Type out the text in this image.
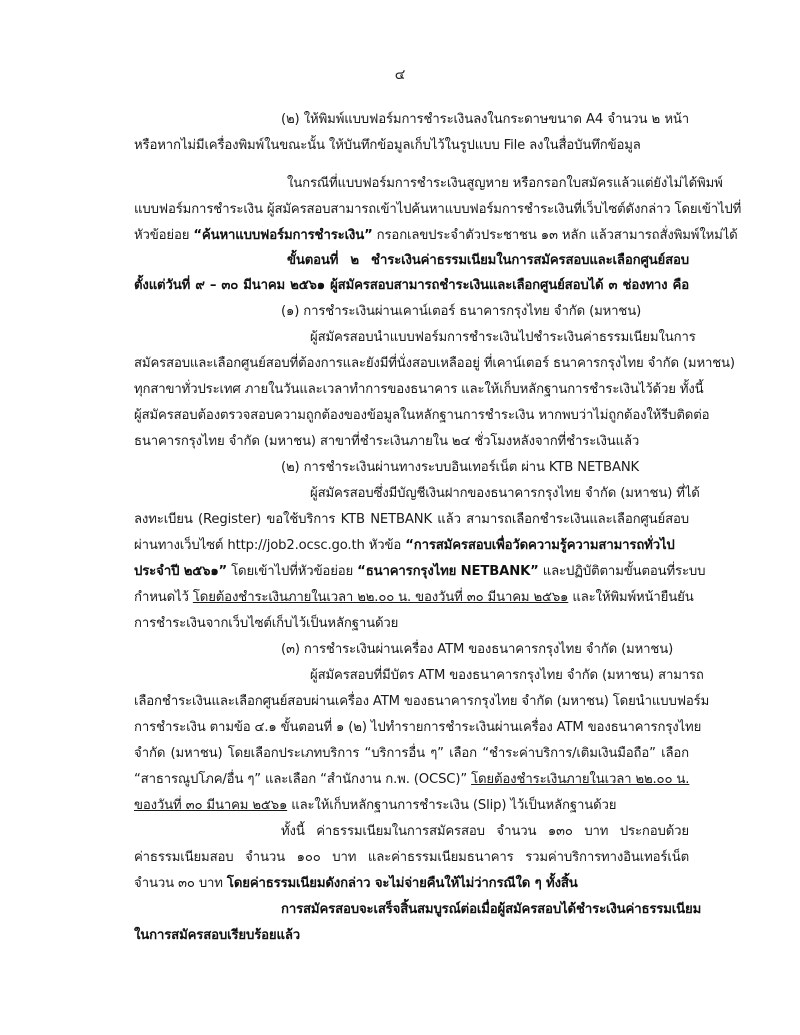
๔
(๒) ให้พิมพ์แบบฟอร์มการชำระเงินลงในกระดาษขนาด A4 จำนวน ๒ หน้า
หรือหากไม่มีเครื่องพิมพ์ในขณะนั้น ให้บันทึกข้อมูลเก็บไว้ในรูปแบบ File ลงในสื่อบันทึกข้อมูล
ในกรณีที่แบบฟอร์มการชำระเงินสูญหาย หรือกรอกใบสมัครแล้วแต่ยังไม่ได้พิมพ์
แบบฟอร์มการชำระเงิน ผู้สมัครสอบสามารถเข้าไปค้นหาแบบฟอร์มการชำระเงินที่เว็บไซต์ดังกล่าว โดยเข้าไปที่
หัวข้อย่อย “ค้นหาแบบฟอร์มการชำระเงิน” กรอกเลขประจำตัวประชาชน ๑๓ หลัก แล้วสามารถสั่งพิมพ์ใหม่ได้
ขั้นตอนที่ ๒ ชำระเงินค่าธรรมเนียมในการสมัครสอบและเลือกศูนย์สอบ
ตั้งแต่วันที่ ๙ – ๓๐ มีนาคม ๒๕๖๑ ผู้สมัครสอบสามารถชำระเงินและเลือกศูนย์สอบได้ ๓ ช่องทาง คือ
(๑) การชำระเงินผ่านเคาน์เตอร์ ธนาคารกรุงไทย จำกัด (มหาชน)
ผู้สมัครสอบนำแบบฟอร์มการชำระเงินไปชำระเงินค่าธรรมเนียมในการ
สมัครสอบและเลือกศูนย์สอบที่ต้องการและยังมีที่นั่งสอบเหลืออยู่ ที่เคาน์เตอร์ ธนาคารกรุงไทย จำกัด (มหาชน)
ทุกสาขาทั่วประเทศ ภายในวันและเวลาทำการของธนาคาร และให้เก็บหลักฐานการชำระเงินไว้ด้วย ทั้งนี้
ผู้สมัครสอบต้องตรวจสอบความถูกต้องของข้อมูลในหลักฐานการชำระเงิน หากพบว่าไม่ถูกต้องให้รีบติดต่อ
ธนาคารกรุงไทย จำกัด (มหาชน) สาขาที่ชำระเงินภายใน ๒๔ ชั่วโมงหลังจากที่ชำระเงินแล้ว
(๒) การชำระเงินผ่านทางระบบอินเทอร์เน็ต ผ่าน KTB NETBANK
ผู้สมัครสอบซึ่งมีบัญชีเงินฝากของธนาคารกรุงไทย จำกัด (มหาชน) ที่ได้
ลงทะเบียน (Register) ขอใช้บริการ KTB NETBANK แล้ว สามารถเลือกชำระเงินและเลือกศูนย์สอบ
ผ่านทางเว็บไซต์ http://job2.ocsc.go.th หัวข้อ “การสมัครสอบเพื่อวัดความรู้ความสามารถทั่วไป
ประจำปี ๒๕๖๑” โดยเข้าไปที่หัวข้อย่อย “ธนาคารกรุงไทย NETBANK” และปฏิบัติตามขั้นตอนที่ระบบ
กำหนดไว้ โดยต้องชำระเงินภายในเวลา ๒๒.๐๐ น. ของวันที่ ๓๐ มีนาคม ๒๕๖๑ และให้พิมพ์หน้ายืนยัน
การชำระเงินจากเว็บไซต์เก็บไว้เป็นหลักฐานด้วย
(๓) การชำระเงินผ่านเครื่อง ATM ของธนาคารกรุงไทย จำกัด (มหาชน)
ผู้สมัครสอบที่มีบัตร ATM ของธนาคารกรุงไทย จำกัด (มหาชน) สามารถ
เลือกชำระเงินและเลือกศูนย์สอบผ่านเครื่อง ATM ของธนาคารกรุงไทย จำกัด (มหาชน) โดยนำแบบฟอร์ม
การชำระเงิน ตามข้อ ๔.๑ ขั้นตอนที่ ๑ (๒) ไปทำรายการชำระเงินผ่านเครื่อง ATM ของธนาคารกรุงไทย
จำกัด (มหาชน) โดยเลือกประเภทบริการ “บริการอื่น ๆ” เลือก “ชำระค่าบริการ/เติมเงินมือถือ” เลือก
“สาธารณูปโภค/อื่น ๆ” และเลือก “สำนักงาน ก.พ. (OCSC)” โดยต้องชำระเงินภายในเวลา ๒๒.๐๐ น.
ของวันที่ ๓๐ มีนาคม ๒๕๖๑ และให้เก็บหลักฐานการชำระเงิน (Slip) ไว้เป็นหลักฐานด้วย
ทั้งนี้ ค่าธรรมเนียมในการสมัครสอบ จำนวน ๑๓๐ บาท ประกอบด้วย
ค่าธรรมเนียมสอบ จำนวน ๑๐๐ บาท และค่าธรรมเนียมธนาคาร รวมค่าบริการทางอินเทอร์เน็ต
จำนวน ๓๐ บาท โดยค่าธรรมเนียมดังกล่าว จะไม่จ่ายคืนให้ไม่ว่ากรณีใด ๆ ทั้งสิ้น
การสมัครสอบจะเสร็จสิ้นสมบูรณ์ต่อเมื่อผู้สมัครสอบได้ชำระเงินค่าธรรมเนียม
ในการสมัครสอบเรียบร้อยแล้ว
